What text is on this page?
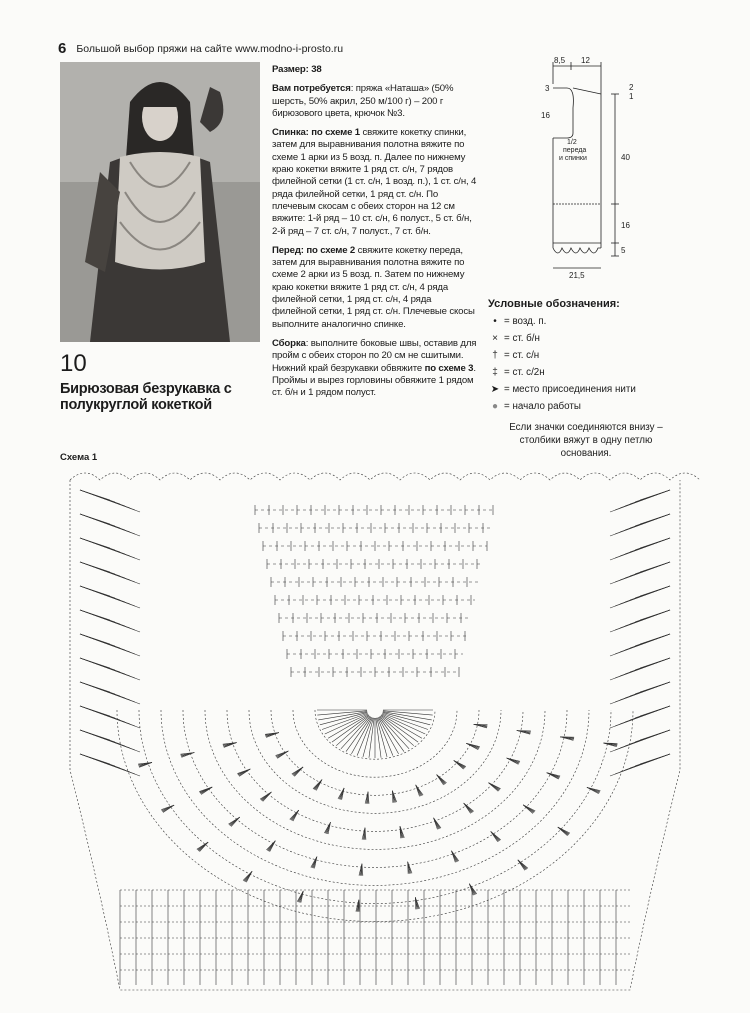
6 Большой выбор пряжи на сайте www.modno-i-prosto.ru
10
Бирюзовая безрукавка с полукруглой кокеткой

Размер: 38

Вам потребуется: пряжа «Наташа» (50% шерсть, 50% акрил, 250 м/100 г) – 200 г бирюзового цвета, крючок №3.

Спинка: по схеме 1 свяжите кокетку спинки, затем для выравнивания полотна вяжите по схеме 1 арки из 5 возд. п. Далее по нижнему краю кокетки вяжите 1 ряд ст. с/н, 7 рядов филейной сетки (1 ст. с/н, 1 возд. п.), 1 ст. с/н, 4 ряда филейной сетки, 1 ряд ст. с/н. По плечевым скосам с обеих сторон на 12 см вяжите: 1-й ряд – 10 ст. с/н, 6 полуст., 5 ст. б/н, 2-й ряд – 7 ст. с/н, 7 полуст., 7 ст. б/н.

Перед: по схеме 2 свяжите кокетку переда, затем для выравнивания полотна вяжите по схеме 2 арки из 5 возд. п. Затем по нижнему краю кокетки вяжите 1 ряд ст. с/н, 4 ряда филейной сетки, 1 ряд ст. с/н, 4 ряда филейной сетки, 1 ряд ст. с/н. Плечевые скосы выполните аналогично спинке.

Сборка: выполните боковые швы, оставив для пройм с обеих сторон по 20 см не сшитыми. Нижний край безрукавки обвяжите по схеме 3. Проймы и вырез горловины обвяжите 1 рядом ст. б/н и 1 рядом полуст.

8,5 12
3	2
1
16
40
16
5
21,5
1/2
переда
и спинки
Условные обозначения:
• = возд. п.
× = ст. б/н
† = ст. с/н
‡ = ст. с/2н
➤ = место присоединения нити
● = начало работы
Если значки соединяются внизу – столбики вяжут в одну петлю основания.
Схема 1
